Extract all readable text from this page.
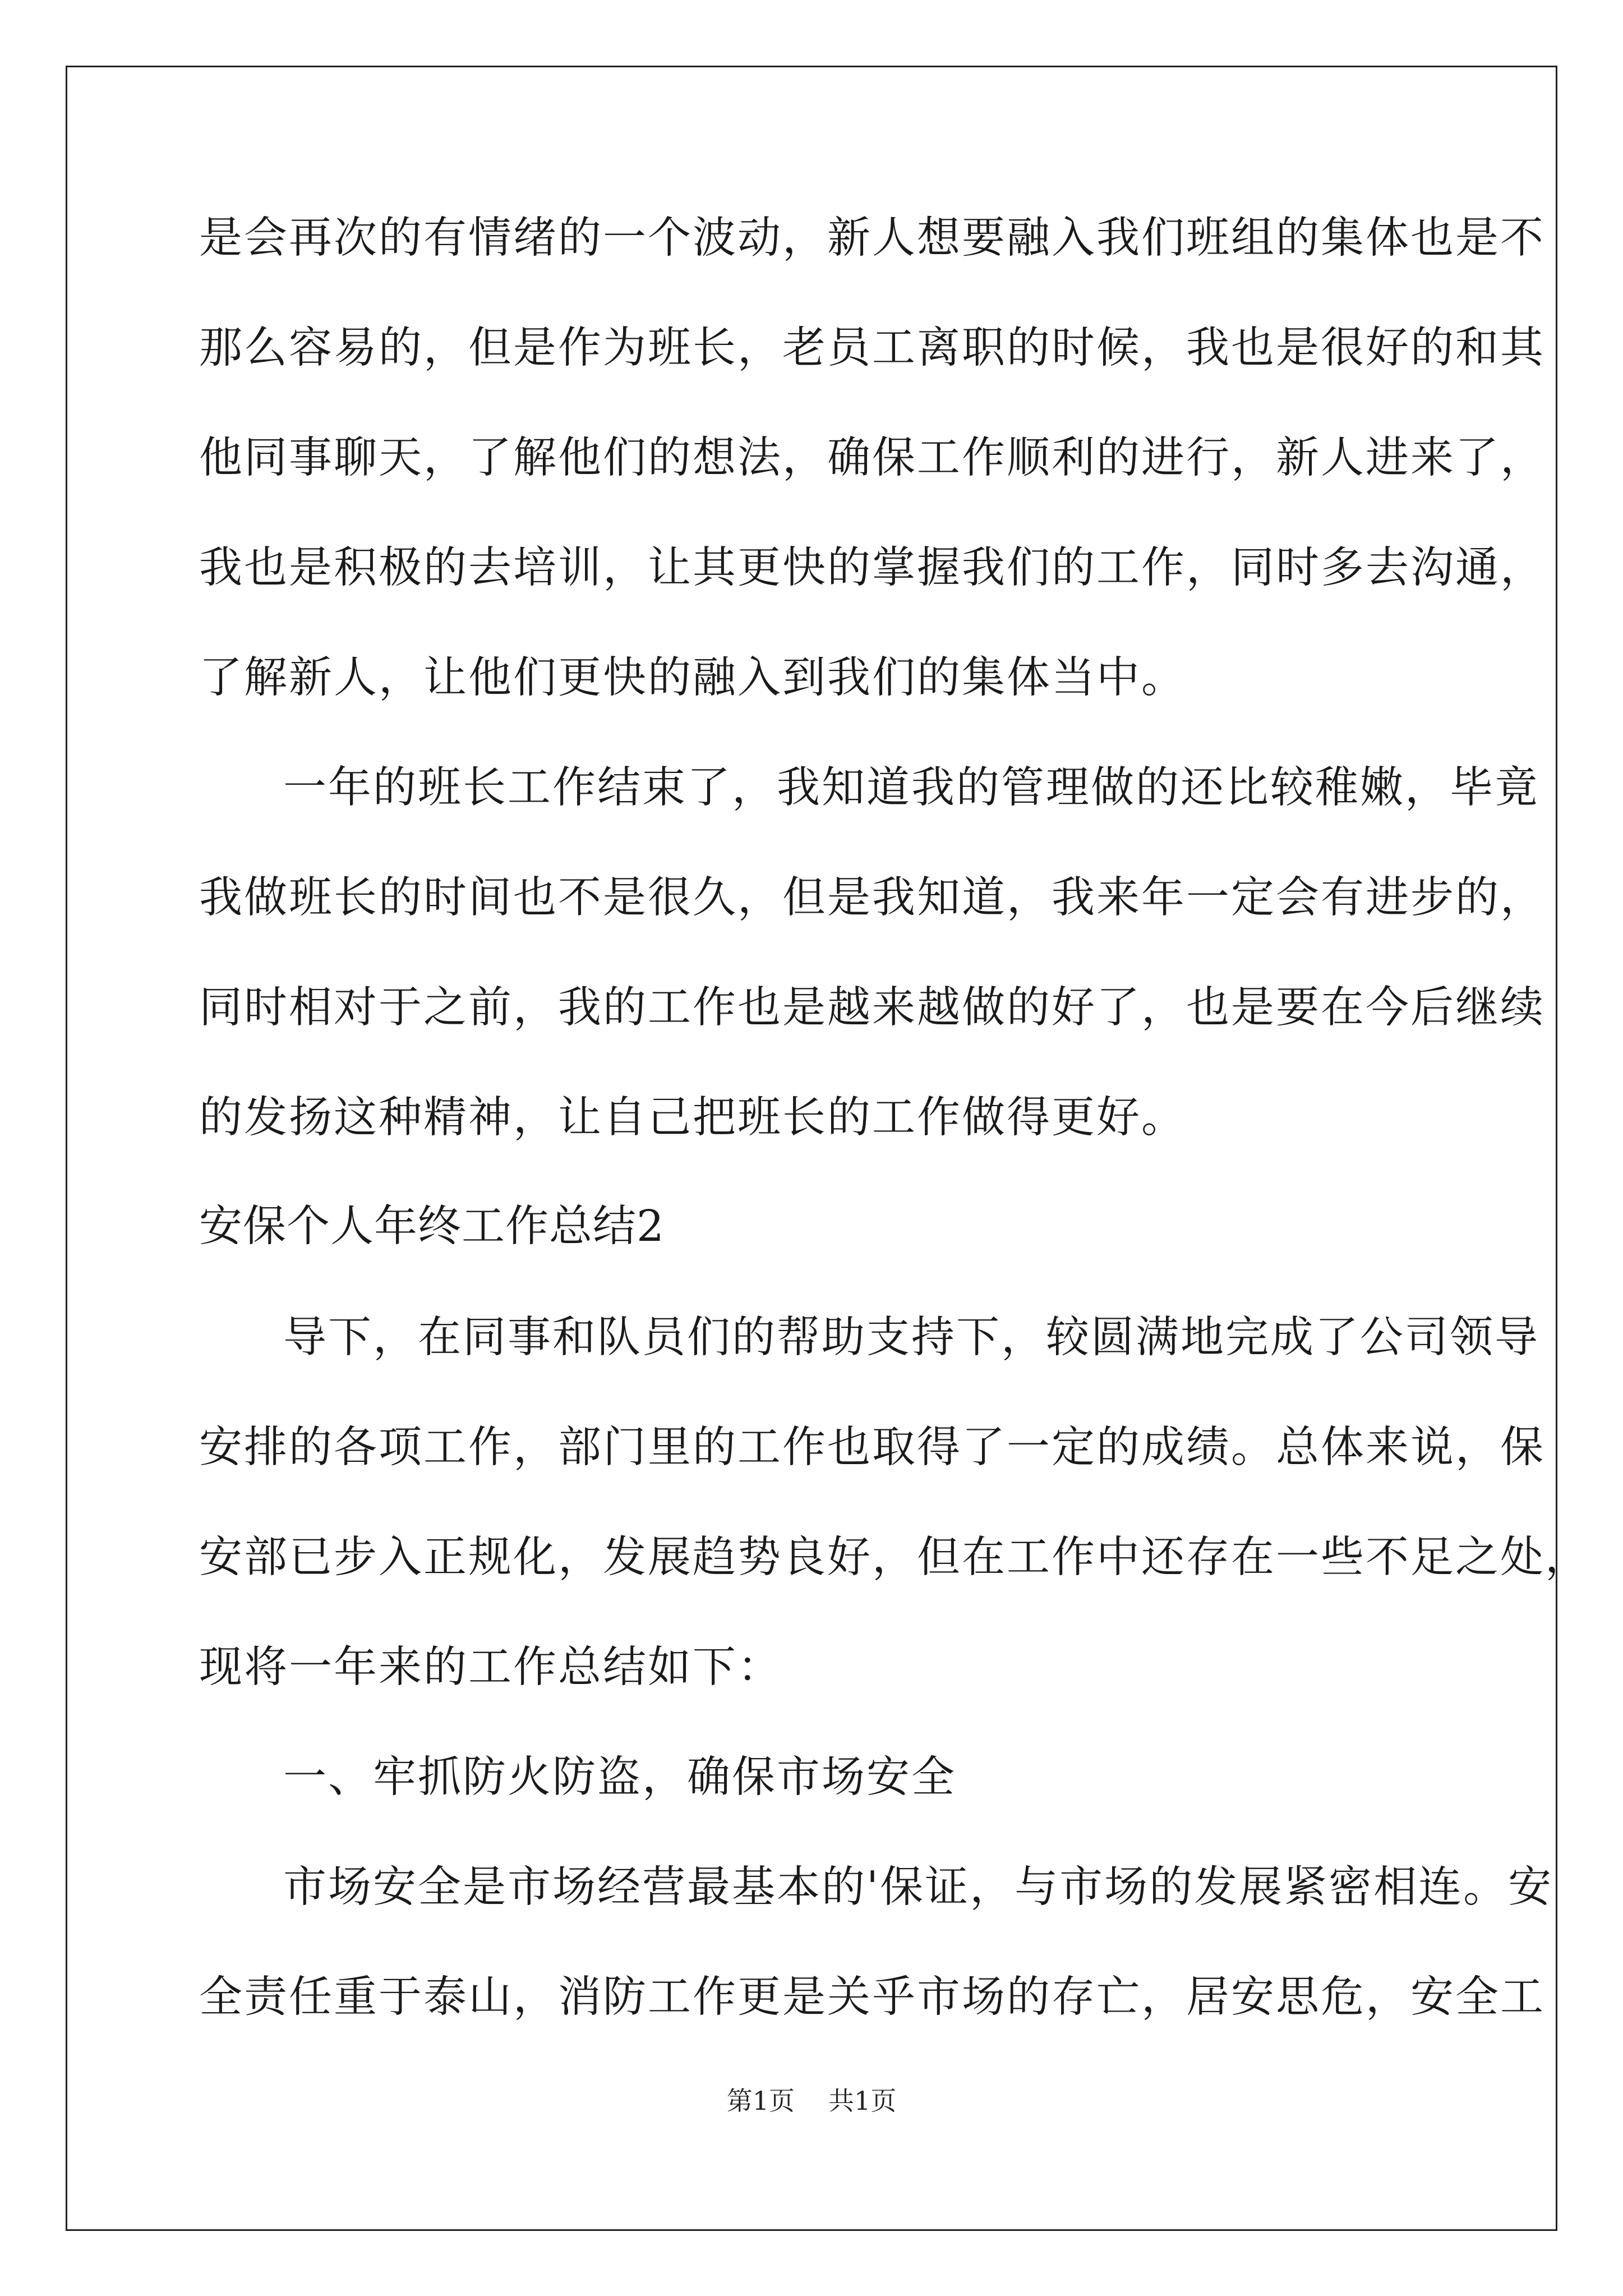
是会再次的有情绪的一个波动，新人想要融入我们班组的集体也是不
那么容易的，但是作为班长，老员工离职的时候，我也是很好的和其
他同事聊天，了解他们的想法，确保工作顺利的进行，新人进来了，
我也是积极的去培训，让其更快的掌握我们的工作，同时多去沟通，
了解新人，让他们更快的融入到我们的集体当中。
一年的班长工作结束了，我知道我的管理做的还比较稚嫩，毕竟
我做班长的时间也不是很久，但是我知道，我来年一定会有进步的，
同时相对于之前，我的工作也是越来越做的好了，也是要在今后继续
的发扬这种精神，让自己把班长的工作做得更好。
安保个人年终工作总结2
导下，在同事和队员们的帮助支持下，较圆满地完成了公司领导
安排的各项工作，部门里的工作也取得了一定的成绩。总体来说，保
安部已步入正规化，发展趋势良好，但在工作中还存在一些不足之处，
现将一年来的工作总结如下：
一、牢抓防火防盗，确保市场安全
市场安全是市场经营最基本的'保证，与市场的发展紧密相连。安
全责任重于泰山，消防工作更是关乎市场的存亡，居安思危，安全工
第1页 共1页
